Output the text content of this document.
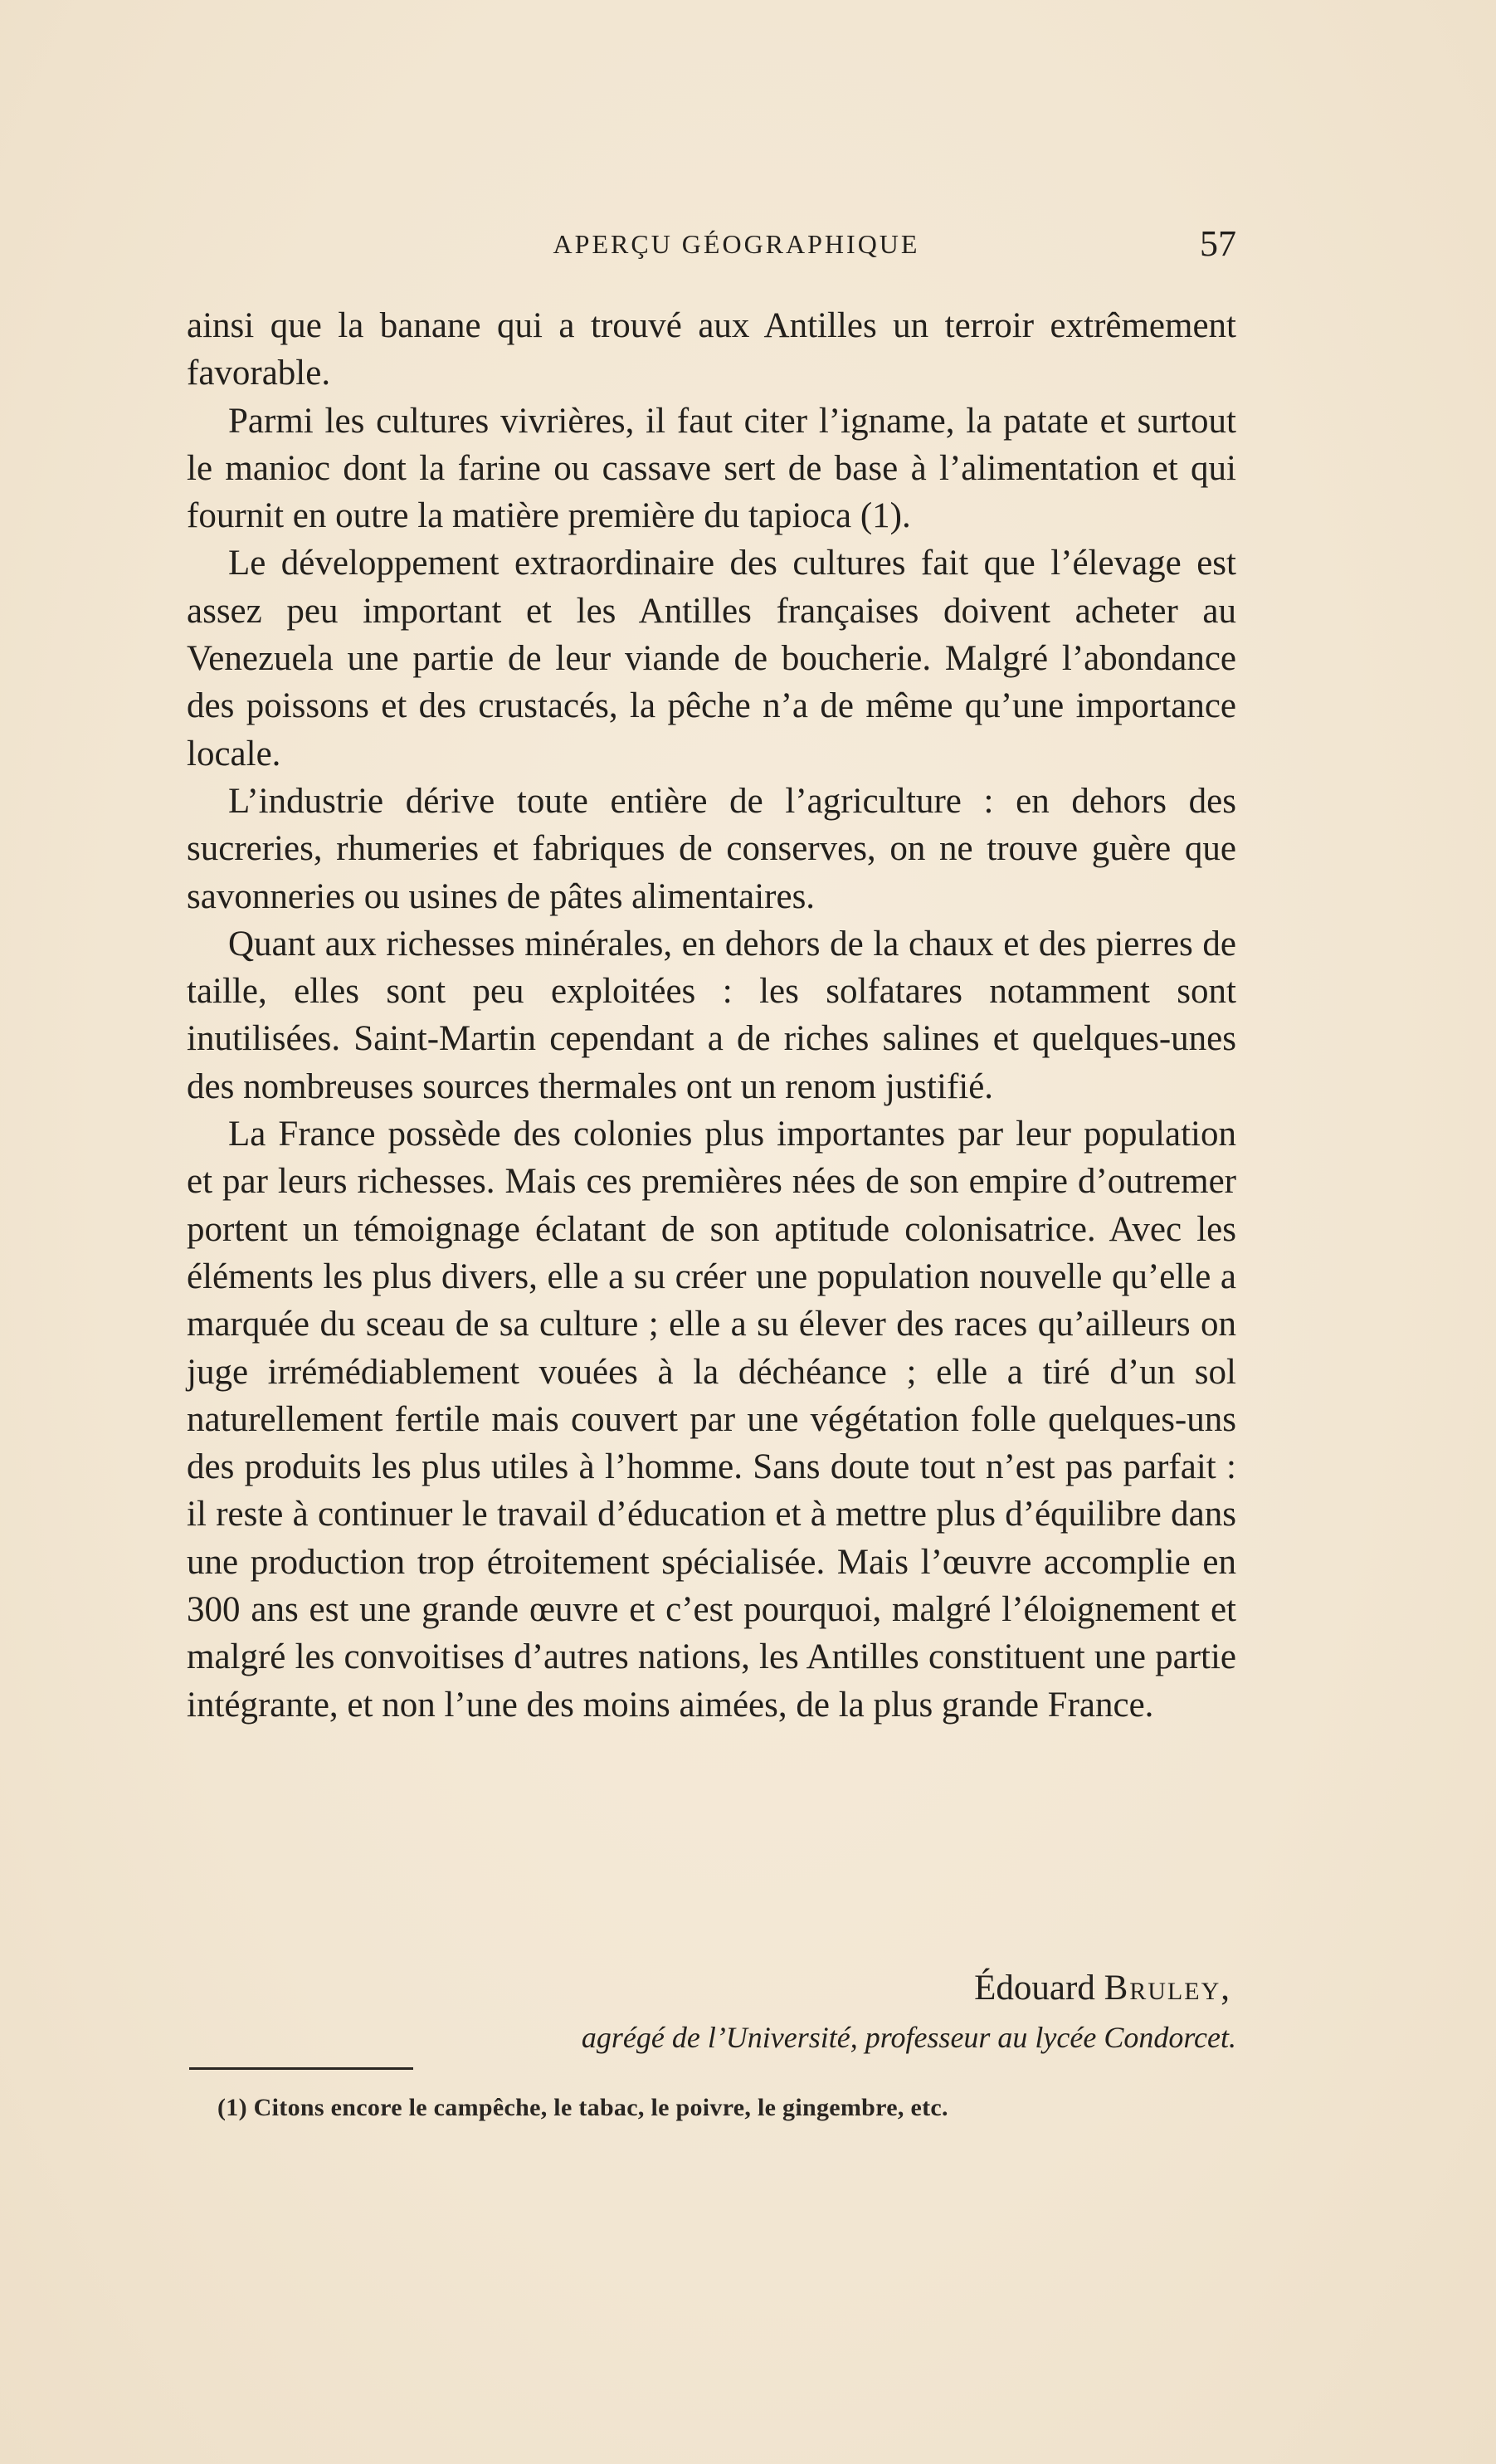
APERÇU GÉOGRAPHIQUE	57

ainsi que la banane qui a trouvé aux Antilles un terroir extrêmement favorable.

Parmi les cultures vivrières, il faut citer l’igname, la patate et surtout le manioc dont la farine ou cassave sert de base à l’alimentation et qui fournit en outre la matière première du tapioca (1).

Le développement extraordinaire des cultures fait que l’élevage est assez peu important et les Antilles françaises doivent acheter au Venezuela une partie de leur viande de boucherie. Malgré l’abondance des poissons et des crustacés, la pêche n’a de même qu’une importance locale.

L’industrie dérive toute entière de l’agriculture : en dehors des sucreries, rhumeries et fabriques de conserves, on ne trouve guère que savonneries ou usines de pâtes alimentaires.

Quant aux richesses minérales, en dehors de la chaux et des pierres de taille, elles sont peu exploitées : les solfatares notamment sont inutilisées. Saint-Martin cependant a de riches salines et quelques-unes des nombreuses sources thermales ont un renom justifié.

La France possède des colonies plus importantes par leur population et par leurs richesses. Mais ces premières nées de son empire d’outremer portent un témoignage éclatant de son aptitude colonisatrice. Avec les éléments les plus divers, elle a su créer une population nouvelle qu’elle a marquée du sceau de sa culture ; elle a su élever des races qu’ailleurs on juge irrémédiablement vouées à la déchéance ; elle a tiré d’un sol naturellement fertile mais couvert par une végétation folle quelques-uns des produits les plus utiles à l’homme. Sans doute tout n’est pas parfait : il reste à continuer le travail d’éducation et à mettre plus d’équilibre dans une production trop étroitement spécialisée. Mais l’œuvre accomplie en 300 ans est une grande œuvre et c’est pourquoi, malgré l’éloignement et malgré les convoitises d’autres nations, les Antilles constituent une partie intégrante, et non l’une des moins aimées, de la plus grande France.

Édouard Bruley,
agrégé de l’Université, professeur au lycée Condorcet.
(1) Citons encore le campêche, le tabac, le poivre, le gingembre, etc.
